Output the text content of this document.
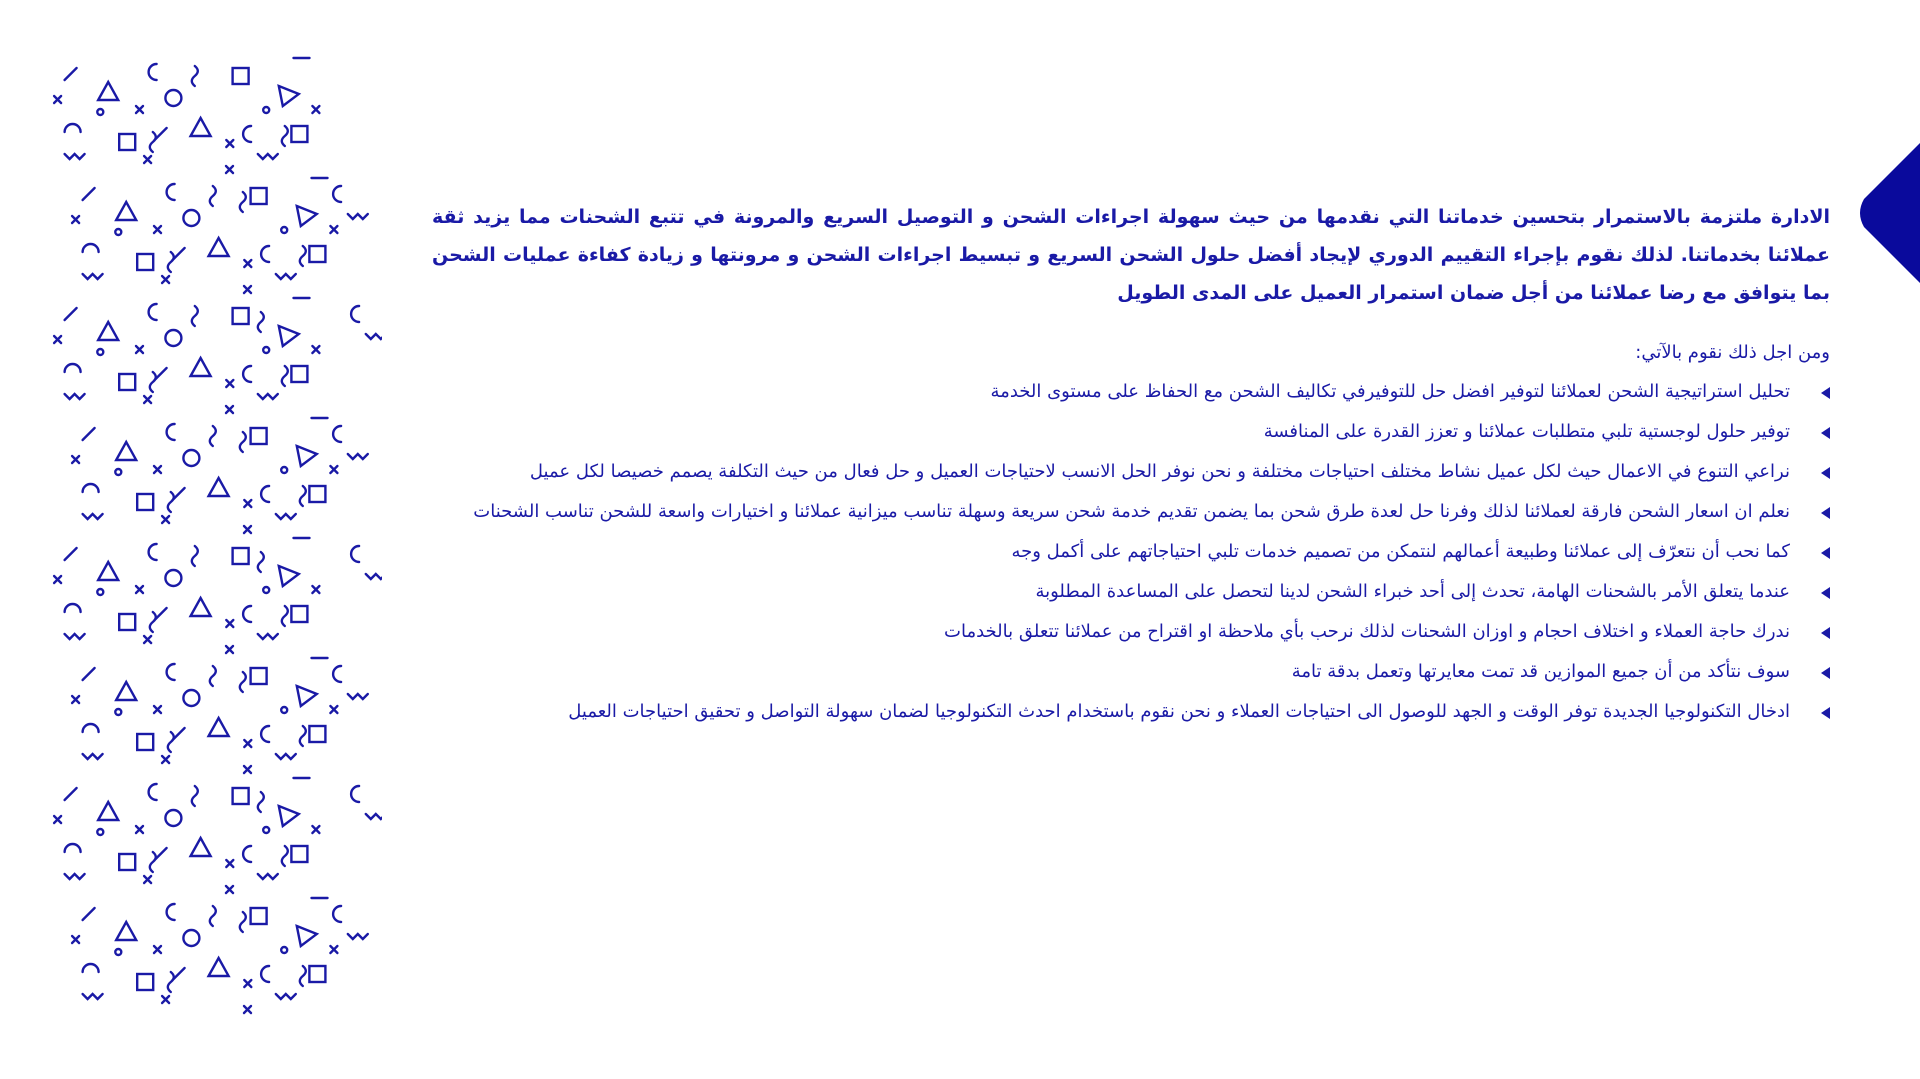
الادارة ملتزمة بالاستمرار بتحسين خدماتنا التي نقدمها من حيث سهولة اجراءات الشحن و التوصيل السريع والمرونة في تتبع الشحنات مما يزيد ثقة عملائنا بخدماتنا. لذلك نقوم بإجراء التقييم الدوري لإيجاد أفضل حلول الشحن السريع و تبسيط اجراءات الشحن و مرونتها و زيادة كفاءة عمليات الشحن بما يتوافق مع رضا عملائنا من أجل ضمان استمرار العميل على المدى الطويل

ومن اجل ذلك نقوم بالآتي:

تحليل استراتيجية الشحن لعملائنا لتوفير افضل حل للتوفيرفي تكاليف الشحن مع الحفاظ على مستوى الخدمة
توفير حلول لوجستية تلبي متطلبات عملائنا و تعزز القدرة على المنافسة
نراعي التنوع في الاعمال حيث لكل عميل نشاط مختلف احتياجات مختلفة و نحن نوفر الحل الانسب لاحتياجات العميل و حل فعال من حيث التكلفة يصمم خصيصا لكل عميل
نعلم ان اسعار الشحن فارقة لعملائنا لذلك وفرنا حل لعدة طرق شحن بما يضمن تقديم خدمة شحن سريعة وسهلة تناسب ميزانية عملائنا و اختيارات واسعة للشحن تناسب الشحنات
كما نحب أن نتعرّف إلى عملائنا وطبيعة أعمالهم لنتمكن من تصميم خدمات تلبي احتياجاتهم على أكمل وجه
عندما يتعلق الأمر بالشحنات الهامة، تحدث إلى أحد خبراء الشحن لدينا لتحصل على المساعدة المطلوبة
ندرك حاجة العملاء و اختلاف احجام و اوزان الشحنات لذلك نرحب بأي ملاحظة او اقتراح من عملائنا تتعلق بالخدمات
سوف نتأكد من أن جميع الموازين قد تمت معايرتها وتعمل بدقة تامة
ادخال التكنولوجيا الجديدة توفر الوقت و الجهد للوصول الى احتياجات العملاء و نحن نقوم باستخدام احدث التكنولوجيا لضمان سهولة التواصل و تحقيق احتياجات العميل
